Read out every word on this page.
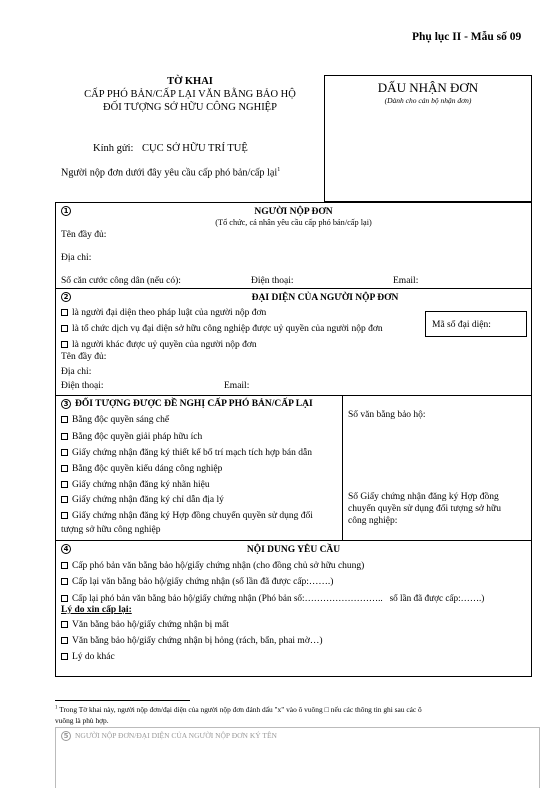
Phụ lục II - Mẫu số 09
TỜ KHAI
CẤP PHÓ BẢN/CẤP LẠI VĂN BẰNG BẢO HỘ
ĐỐI TƯỢNG SỞ HỮU CÔNG NGHIỆP
Kính gửi: CỤC SỞ HỮU TRÍ TUỆ
Người nộp đơn dưới đây yêu cầu cấp phó bản/cấp lại$^1$
DẤU NHẬN ĐƠN
(Dành cho cán bộ nhận đơn)
1	NGƯỜI NỘP ĐƠN
(Tổ chức, cá nhân yêu cầu cấp phó bản/cấp lại)
Tên đầy đủ:
Địa chỉ:
Số căn cước công dân (nếu có):	Điện thoại:	Email:
2	ĐẠI DIỆN CỦA NGƯỜI NỘP ĐƠN
là người đại diện theo pháp luật của người nộp đơn
là tổ chức dịch vụ đại diện sở hữu công nghiệp được uỷ quyền của người nộp đơn
là người khác được uỷ quyền của người nộp đơn
Mã số đại diện:
Tên đầy đủ:
Địa chỉ:
Điện thoại:	Email:
3 ĐỐI TƯỢNG ĐƯỢC ĐỀ NGHỊ CẤP PHÓ BẢN/CẤP LẠI
Bằng độc quyền sáng chế
Bằng độc quyền giải pháp hữu ích
Giấy chứng nhận đăng ký thiết kế bố trí mạch tích hợp bán dẫn
Bằng độc quyền kiểu dáng công nghiệp
Giấy chứng nhận đăng ký nhãn hiệu
Giấy chứng nhận đăng ký chỉ dẫn địa lý
Giấy chứng nhận đăng ký Hợp đồng chuyển quyền sử dụng đối
tượng sở hữu công nghiệp
Số văn bằng bảo hộ:
Số Giấy chứng nhận đăng ký Hợp đồng
chuyển quyền sử dụng đối tượng sở hữu
công nghiệp:
4	NỘI DUNG YÊU CẦU
Cấp phó bản văn bằng bảo hộ/giấy chứng nhận (cho đồng chủ sở hữu chung)
Cấp lại văn bằng bảo hộ/giấy chứng nhận (số lần đã được cấp:…….)
Cấp lại phó bản văn bằng bảo hộ/giấy chứng nhận (Phó bản số:……………………..   số lần đã được cấp:…….)
Lý do xin cấp lại:
Văn bằng bảo hộ/giấy chứng nhận bị mất
Văn bằng bảo hộ/giấy chứng nhận bị hỏng (rách, bẩn, phai mờ…)
Lý do khác
$^1$ Trong Tờ khai này, người nộp đơn/đại diện của người nộp đơn đánh dấu "x" vào ô vuông □ nếu các thông tin ghi sau các ô
vuông là phù hợp.
5 NGƯỜI NỘP ĐƠN/ĐẠI DIỆN CỦA NGƯỜI NỘP ĐƠN KÝ TÊN
